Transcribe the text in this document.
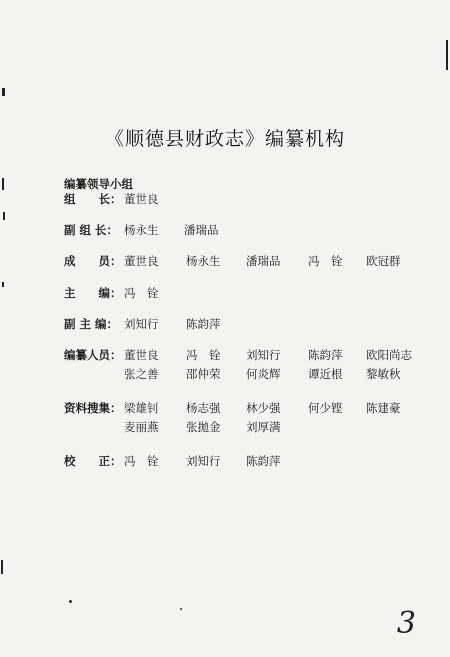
《顺德县财政志》编纂机构
编纂领导小组
组　　长： 董世良
副 组 长： 杨永生 潘瑞品
成　　员： 董世良 杨永生 潘瑞品 冯　铨 欧冠群
主　　编： 冯　铨
副 主 编： 刘知行 陈韵萍
编纂人员： 董世良 冯　铨 刘知行 陈韵萍 欧阳尚志
张之善 邵仲荣 何炎辉 谭近根 黎敏秋
资料搜集： 梁雄钊 杨志强 林少强 何少铿 陈建豪
麦丽燕 张拋金 刘厚满
校　　正： 冯　铨 刘知行 陈韵萍
3
